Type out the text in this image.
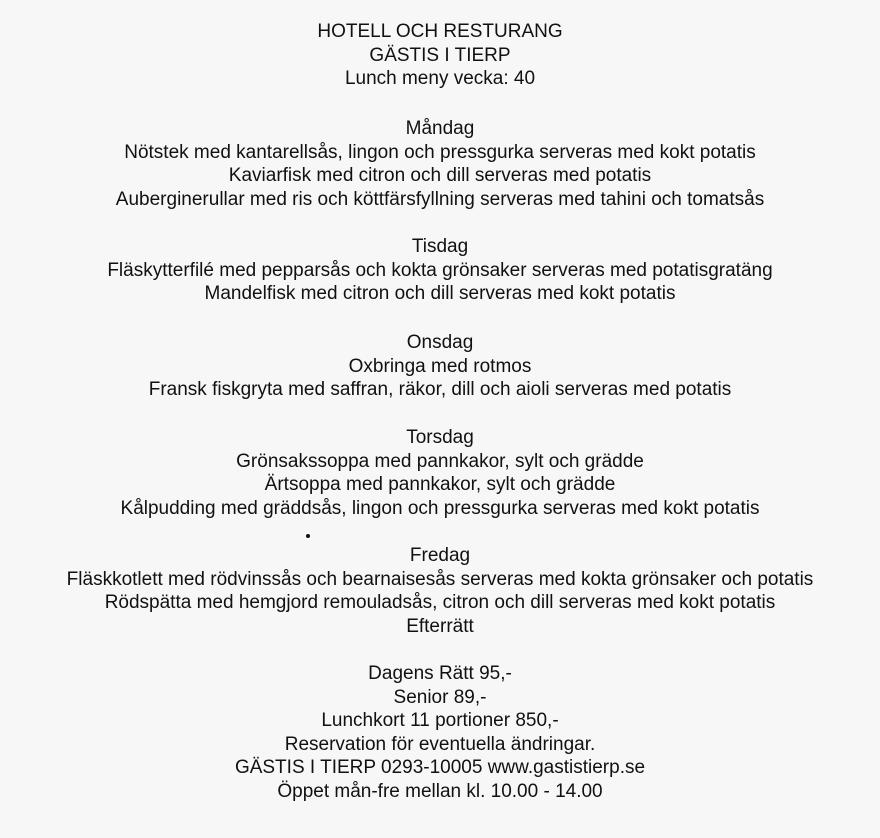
HOTELL OCH RESTURANG
GÄSTIS I TIERP
Lunch meny vecka: 40
Måndag
Nötstek med kantarellsås, lingon och pressgurka serveras med kokt potatis
Kaviarfisk med citron och dill serveras med potatis
Auberginerullar med ris och köttfärsfyllning serveras med tahini och tomatsås
Tisdag
Fläskytterfilé med pepparsås och kokta grönsaker serveras med potatisgratäng
Mandelfisk med citron och dill serveras med kokt potatis
Onsdag
Oxbringa med rotmos
Fransk fiskgryta med saffran, räkor, dill och aioli serveras med potatis
Torsdag
Grönsakssoppa med pannkakor, sylt och grädde
Ärtsoppa med pannkakor, sylt och grädde
Kålpudding med gräddsås, lingon och pressgurka serveras med kokt potatis
Fredag
Fläskkotlett med rödvinssås och bearnaisesås serveras med kokta grönsaker och potatis
Rödspätta med hemgjord remouladsås, citron och dill serveras med kokt potatis
Efterrätt
Dagens Rätt 95,-
Senior 89,-
Lunchkort 11 portioner 850,-
Reservation för eventuella ändringar.
GÄSTIS I TIERP 0293-10005 www.gastistierp.se
Öppet mån-fre mellan kl. 10.00 - 14.00
